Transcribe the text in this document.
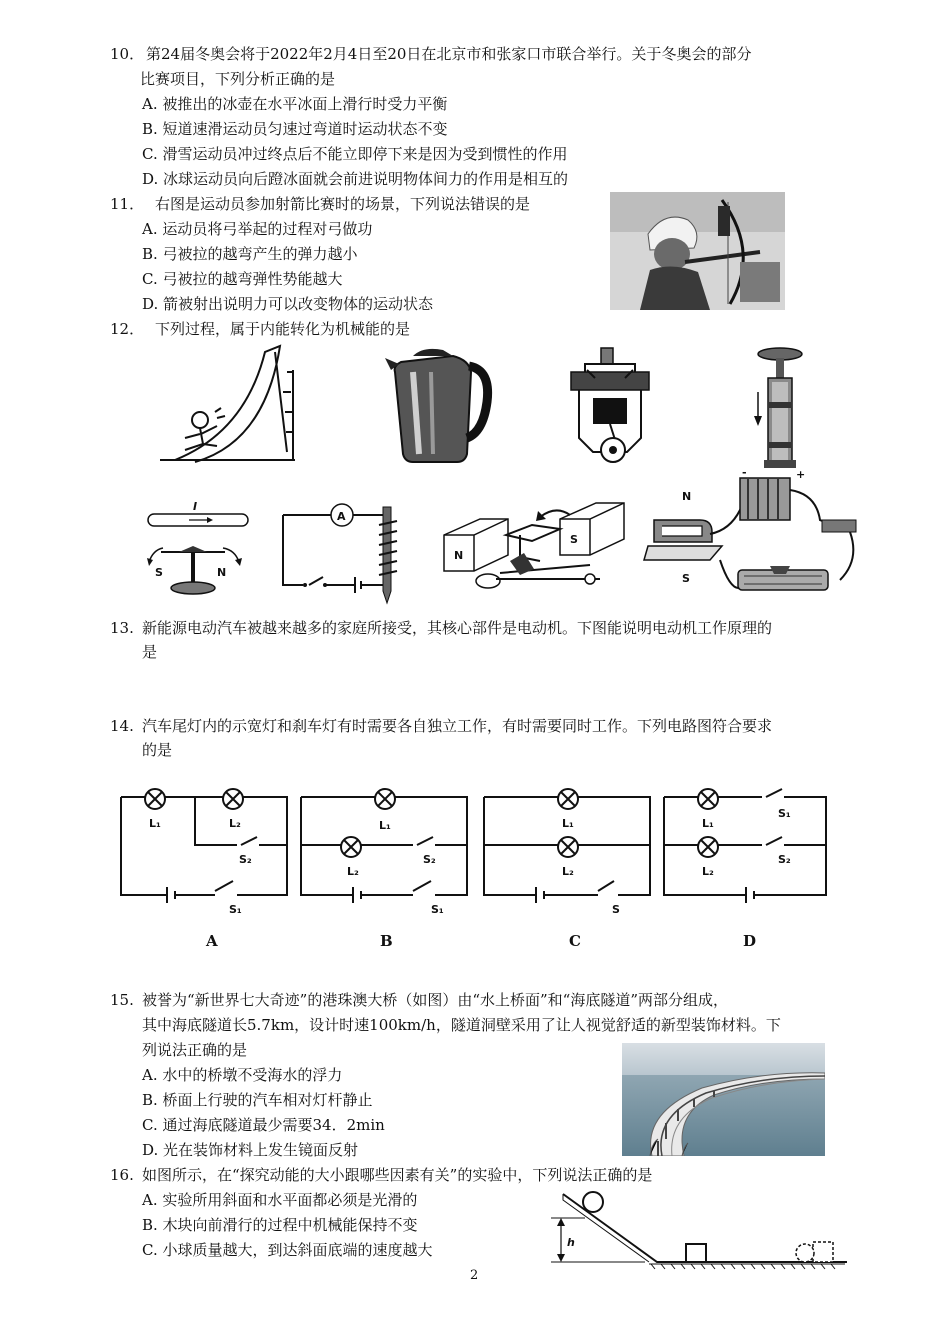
10． 第24届冬奥会将于2022年2月4日至20日在北京市和张家口市联合举行。关于冬奥会的部分
比赛项目，下列分析正确的是
A. 被推出的冰壶在水平冰面上滑行时受力平衡
B. 短道速滑运动员匀速过弯道时运动状态不变
C. 滑雪运动员冲过终点后不能立即停下来是因为受到惯性的作用
D. 冰球运动员向后蹬冰面就会前进说明物体间力的作用是相互的
11． 右图是运动员参加射箭比赛时的场景，下列说法错误的是
A. 运动员将弓举起的过程对弓做功
B. 弓被拉的越弯产生的弹力越小
C. 弓被拉的越弯弹性势能越大
D. 箭被射出说明力可以改变物体的运动状态
12． 下列过程，属于内能转化为机械能的是
I
S	N
A
N
S
N
S
-	+
13. 新能源电动汽车被越来越多的家庭所接受，其核心部件是电动机。下图能说明电动机工作原理的
是
14. 汽车尾灯内的示宽灯和刹车灯有时需要各自独立工作，有时需要同时工作。下列电路图符合要求
的是
L₁	L₂
S₂
S₁
L₁
L₂
S₂
S₁
L₁
L₂
S
L₁
L₂
S₁
S₂
A	B	C	D
15. 被誉为“新世界七大奇迹”的港珠澳大桥（如图）由“水上桥面”和“海底隧道”两部分组成，
其中海底隧道长5.7km，设计时速100km/h，隧道洞壁采用了让人视觉舒适的新型装饰材料。下
列说法正确的是
A. 水中的桥墩不受海水的浮力
B. 桥面上行驶的汽车相对灯杆静止
C. 通过海底隧道最少需要34．2min
D. 光在装饰材料上发生镜面反射
16. 如图所示，在“探究动能的大小跟哪些因素有关”的实验中，下列说法正确的是
A. 实验所用斜面和水平面都必须是光滑的
B. 木块向前滑行的过程中机械能保持不变
C. 小球质量越大，到达斜面底端的速度越大	h
2
